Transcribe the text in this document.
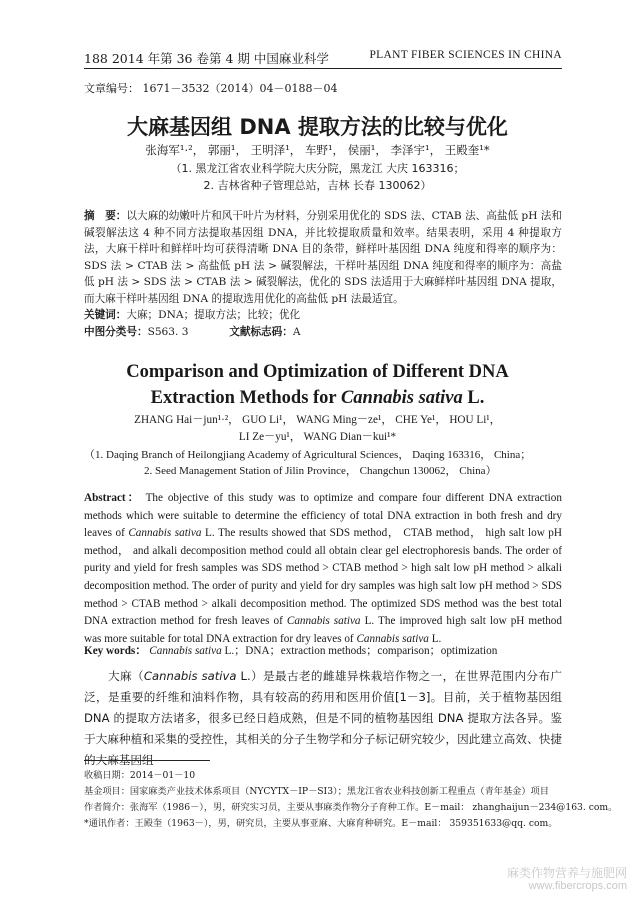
188 2014 年第 36 卷第 4 期 中国麻业科学	PLANT FIBER SCIENCES IN CHINA
文章编号： 1671－3532（2014）04－0188－04
大麻基因组 DNA 提取方法的比较与优化
张海军¹·²， 郭丽¹， 王明泽¹， 车野¹， 侯丽¹， 李泽宇¹， 王殿奎¹*
（1. 黑龙江省农业科学院大庆分院，黑龙江 大庆 163316；
2. 吉林省种子管理总站，吉林 长春 130062）
摘　要：以大麻的幼嫩叶片和风干叶片为材料，分别采用优化的 SDS 法、CTAB 法、高盐低 pH 法和碱裂解法这 4 种不同方法提取基因组 DNA，并比较提取质量和效率。结果表明，采用 4 种提取方法，大麻干样叶和鲜样叶均可获得清晰 DNA 目的条带，鲜样叶基因组 DNA 纯度和得率的顺序为：SDS 法 > CTAB 法 > 高盐低 pH 法 > 碱裂解法，干样叶基因组 DNA 纯度和得率的顺序为：高盐低 pH 法 > SDS 法 > CTAB 法 > 碱裂解法，优化的 SDS 法适用于大麻鲜样叶基因组 DNA 提取，而大麻干样叶基因组 DNA 的提取选用优化的高盐低 pH 法最适宜。
关键词：大麻；DNA；提取方法；比较；优化
中图分类号：S563. 3	文献标志码：A
Comparison and Optimization of Different DNA
Extraction Methods for Cannabis sativa L.
ZHANG Hai－jun¹·²， GUO Li¹， WANG Ming－ze¹， CHE Ye¹， HOU Li¹，
LI Ze－yu¹， WANG Dian－kui¹*
（1. Daqing Branch of Heilongjiang Academy of Agricultural Sciences， Daqing 163316， China；
2. Seed Management Station of Jilin Province， Changchun 130062， China）
Abstract： The objective of this study was to optimize and compare four different DNA extraction methods which were suitable to determine the efficiency of total DNA extraction in both fresh and dry leaves of Cannabis sativa L. The results showed that SDS method， CTAB method， high salt low pH method， and alkali decomposition method could all obtain clear gel electrophoresis bands. The order of purity and yield for fresh samples was SDS method > CTAB method > high salt low pH method > alkali decomposition method. The order of purity and yield for dry samples was high salt low pH method > SDS method > CTAB method > alkali decomposition method. The optimized SDS method was the best total DNA extraction method for fresh leaves of Cannabis sativa L. The improved high salt low pH method was more suitable for total DNA extraction for dry leaves of Cannabis sativa L.
Key words： Cannabis sativa L.；DNA；extraction methods；comparison；optimization
大麻（Cannabis sativa L.）是最古老的雌雄异株栽培作物之一，在世界范围内分布广泛，是重要的纤维和油料作物，具有较高的药用和医用价值[1－3]。目前，关于植物基因组 DNA 的提取方法诸多，很多已经日趋成熟，但是不同的植物基因组 DNA 提取方法各异。鉴于大麻种植和采集的受控性，其相关的分子生物学和分子标记研究较少，因此建立高效、快捷的大麻基因组
收稿日期：2014－01－10
基金项目：国家麻类产业技术体系项目（NYCYTX－IP－SI3）；黑龙江省农业科技创新工程重点（青年基金）项目
作者简介：张海军（1986－），男，研究实习员，主要从事麻类作物分子育种工作。E－mail： zhanghaijun－234@163. com。
*通讯作者：王殿奎（1963－），男，研究员，主要从事亚麻、大麻育种研究。E－mail： 359351633@qq. com。
麻类作物营养与施肥网
www.fibercrops.com
